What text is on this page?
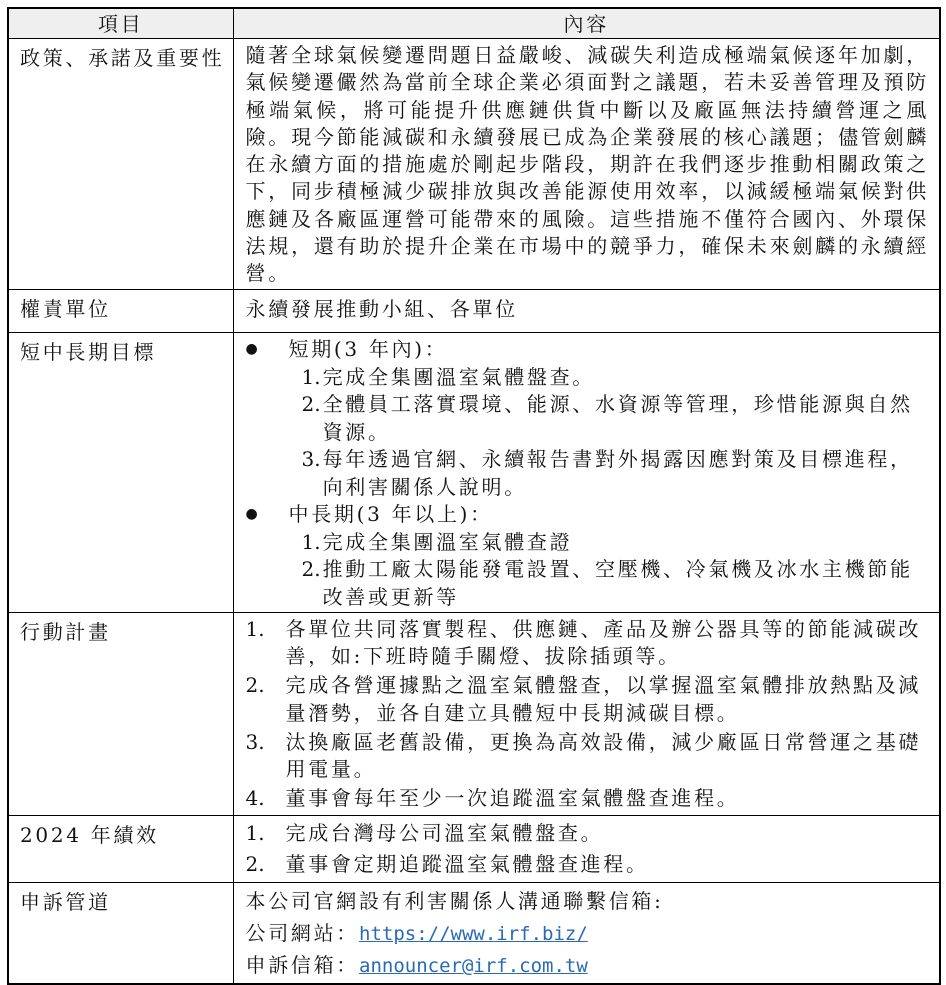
項目	內容
政策、承諾及重要性	隨著全球氣候變遷問題日益嚴峻、減碳失利造成極端氣候逐年加劇，氣候變遷儼然為當前全球企業必須面對之議題，若未妥善管理及預防極端氣候，將可能提升供應鏈供貨中斷以及廠區無法持續營運之風險。現今節能減碳和永續發展已成為企業發展的核心議題；儘管劍麟在永續方面的措施處於剛起步階段，期許在我們逐步推動相關政策之下，同步積極減少碳排放與改善能源使用效率，以減緩極端氣候對供應鏈及各廠區運營可能帶來的風險。這些措施不僅符合國內、外環保法規，還有助於提升企業在市場中的競爭力，確保未來劍麟的永續經營。

權責單位	永續發展推動小組、各單位
短中長期目標	●	短期(3 年內)：
1. 完成全集團溫室氣體盤查。
2. 全體員工落實環境、能源、水資源等管理，珍惜能源與自然資源。
3. 每年透過官網、永續報告書對外揭露因應對策及目標進程，向利害關係人說明。
●	中長期(3 年以上)：
1. 完成全集團溫室氣體查證
2. 推動工廠太陽能發電設置、空壓機、冷氣機及冰水主機節能改善或更新等

行動計畫	1.	各單位共同落實製程、供應鏈、產品及辦公器具等的節能減碳改善，如:下班時隨手關燈、拔除插頭等。
2.	完成各營運據點之溫室氣體盤查，以掌握溫室氣體排放熱點及減量潛勢，並各自建立具體短中長期減碳目標。
3.	汰換廠區老舊設備，更換為高效設備，減少廠區日常營運之基礎用電量。
4.	董事會每年至少一次追蹤溫室氣體盤查進程。

2024 年績效	1. 完成台灣母公司溫室氣體盤查。
2. 董事會定期追蹤溫室氣體盤查進程。

申訴管道	本公司官網設有利害關係人溝通聯繫信箱:
公司網站：https://www.irf.biz/
申訴信箱：announcer@irf.com.tw
